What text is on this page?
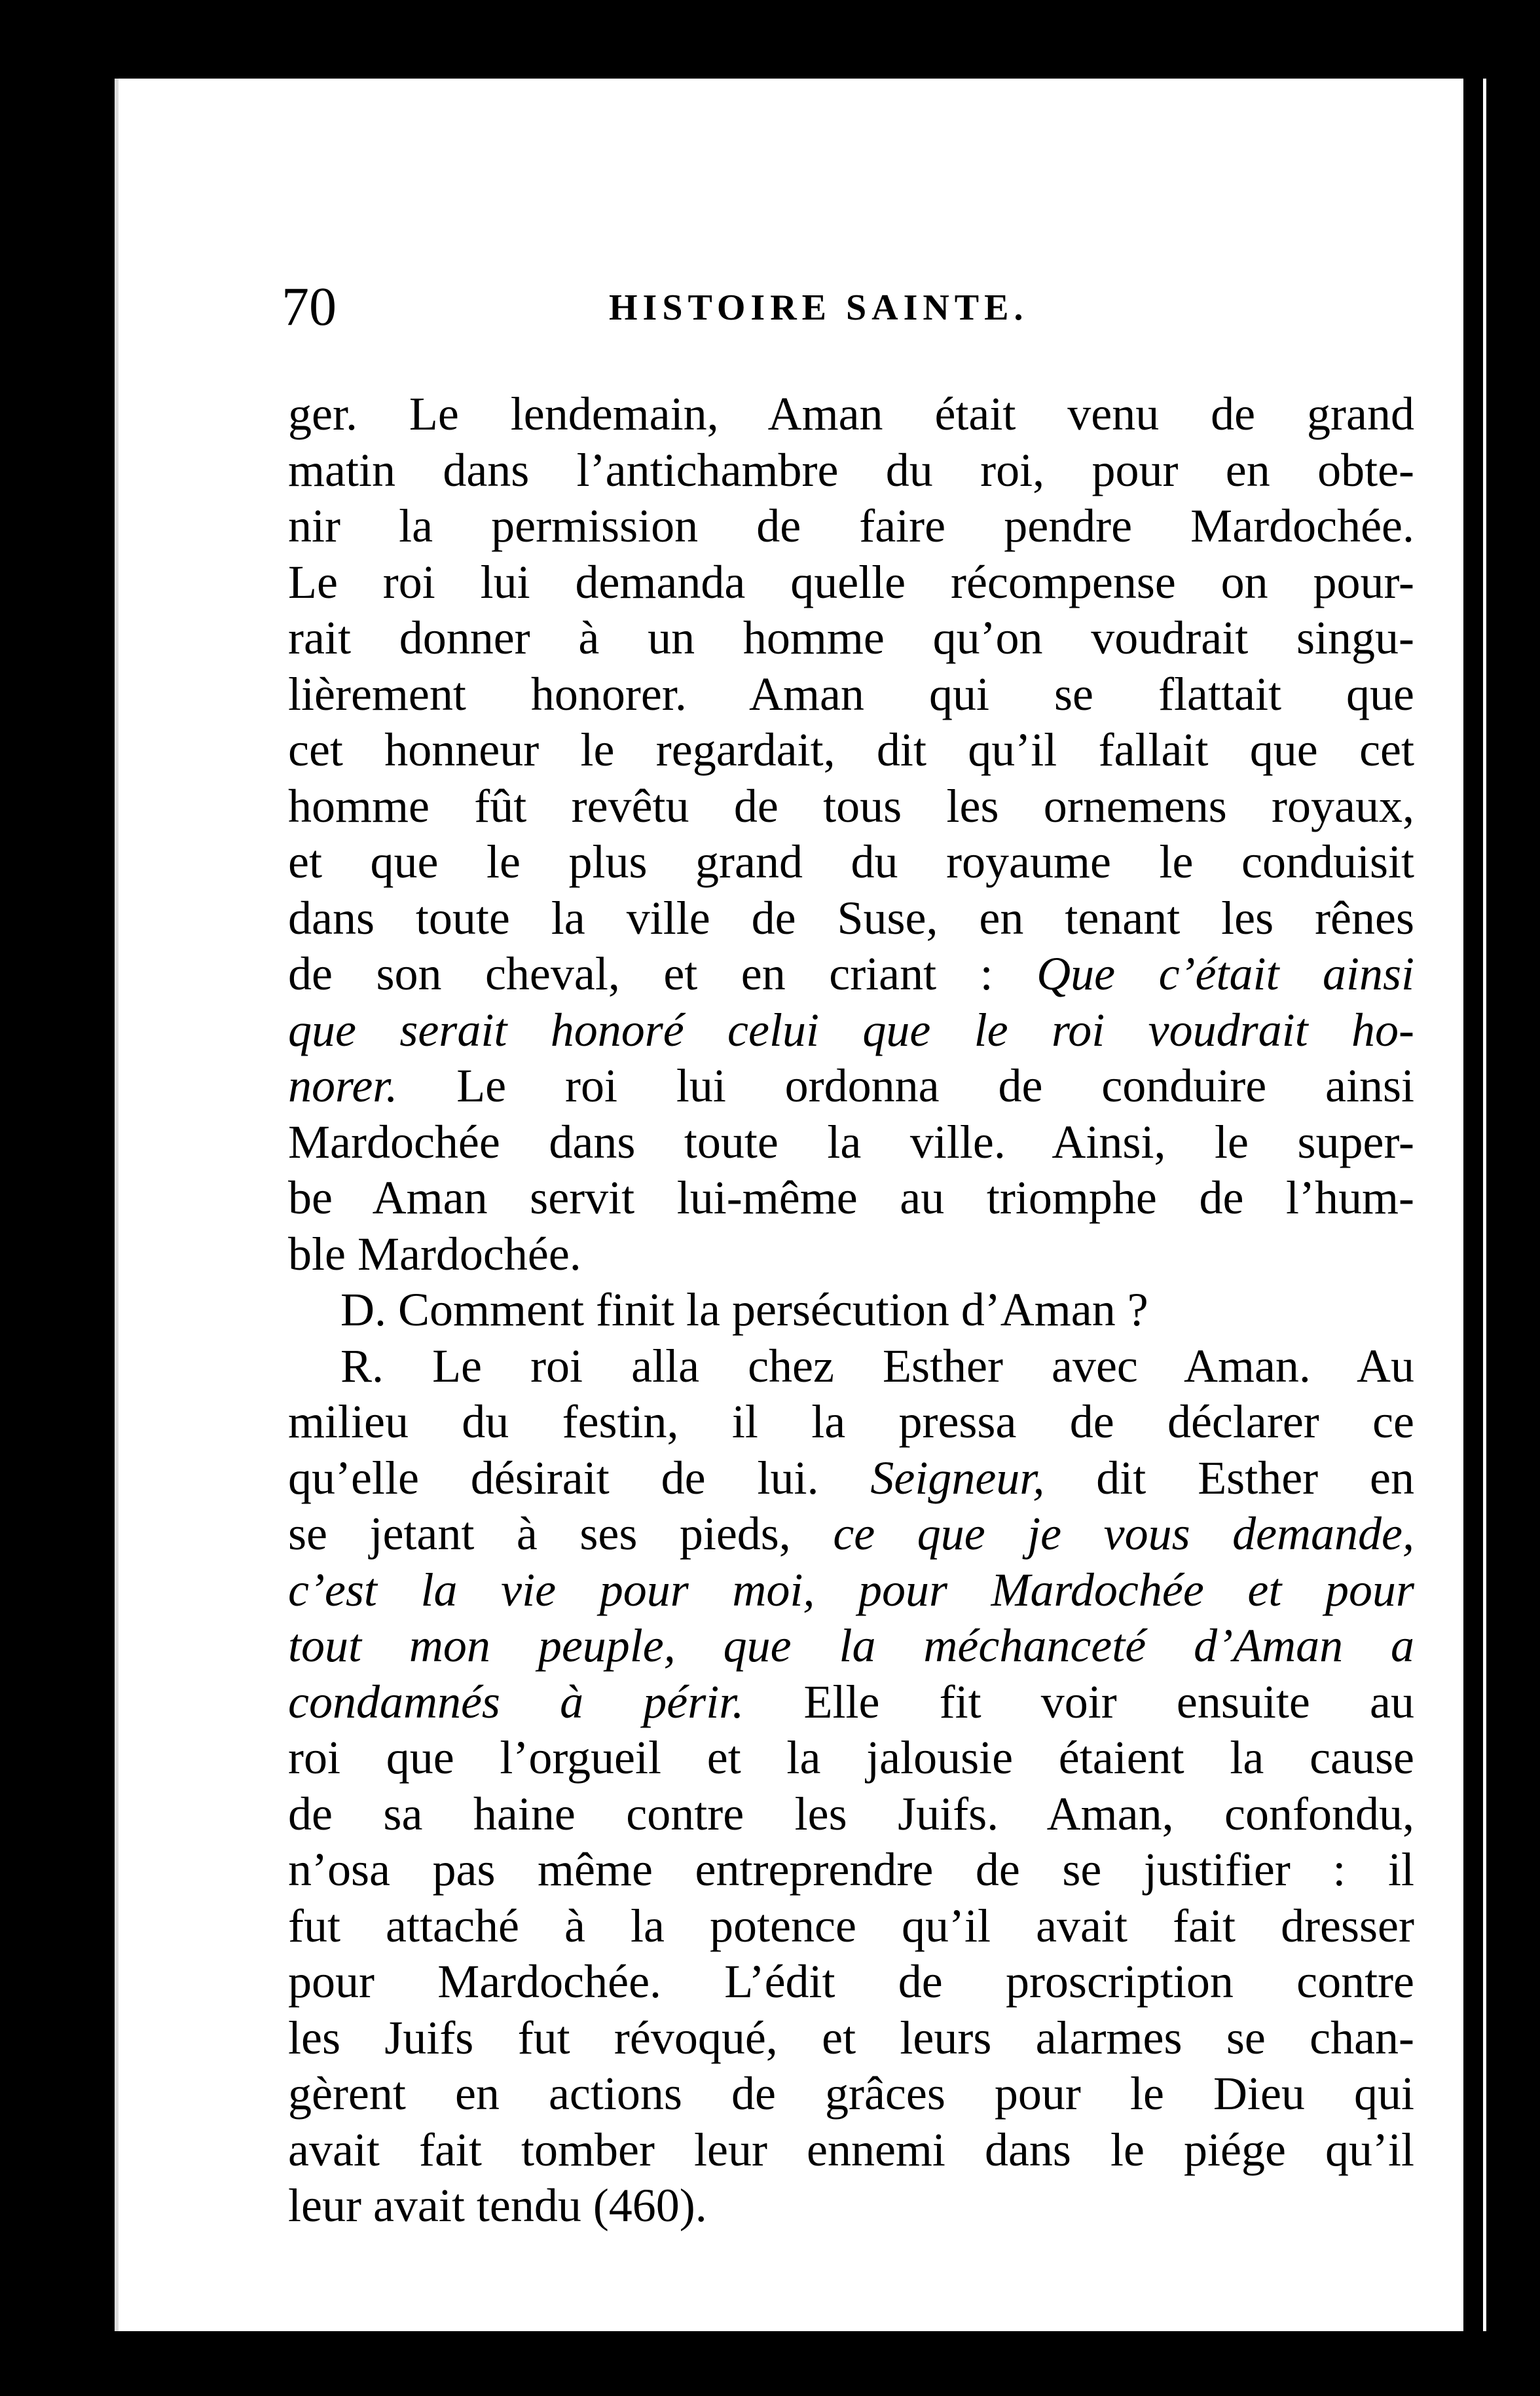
70	HISTOIRE SAINTE.
ger. Le lendemain, Aman était venu de grand
matin dans l’antichambre du roi, pour en obte-
nir la permission de faire pendre Mardochée.
Le roi lui demanda quelle récompense on pour-
rait donner à un homme qu’on voudrait singu-
lièrement honorer. Aman qui se flattait que
cet honneur le regardait, dit qu’il fallait que cet
homme fût revêtu de tous les ornemens royaux,
et que le plus grand du royaume le conduisit
dans toute la ville de Suse, en tenant les rênes
de son cheval, et en criant : Que c’était ainsi
que serait honoré celui que le roi voudrait ho-
norer. Le roi lui ordonna de conduire ainsi
Mardochée dans toute la ville. Ainsi, le super-
be Aman servit lui-même au triomphe de l’hum-
ble Mardochée.
D. Comment finit la persécution d’Aman ?
R. Le roi alla chez Esther avec Aman. Au
milieu du festin, il la pressa de déclarer ce
qu’elle désirait de lui. Seigneur, dit Esther en
se jetant à ses pieds, ce que je vous demande,
c’est la vie pour moi, pour Mardochée et pour
tout mon peuple, que la méchanceté d’Aman a
condamnés à périr. Elle fit voir ensuite au
roi que l’orgueil et la jalousie étaient la cause
de sa haine contre les Juifs. Aman, confondu,
n’osa pas même entreprendre de se justifier : il
fut attaché à la potence qu’il avait fait dresser
pour Mardochée. L’édit de proscription contre
les Juifs fut révoqué, et leurs alarmes se chan-
gèrent en actions de grâces pour le Dieu qui
avait fait tomber leur ennemi dans le piége qu’il
leur avait tendu (460).
